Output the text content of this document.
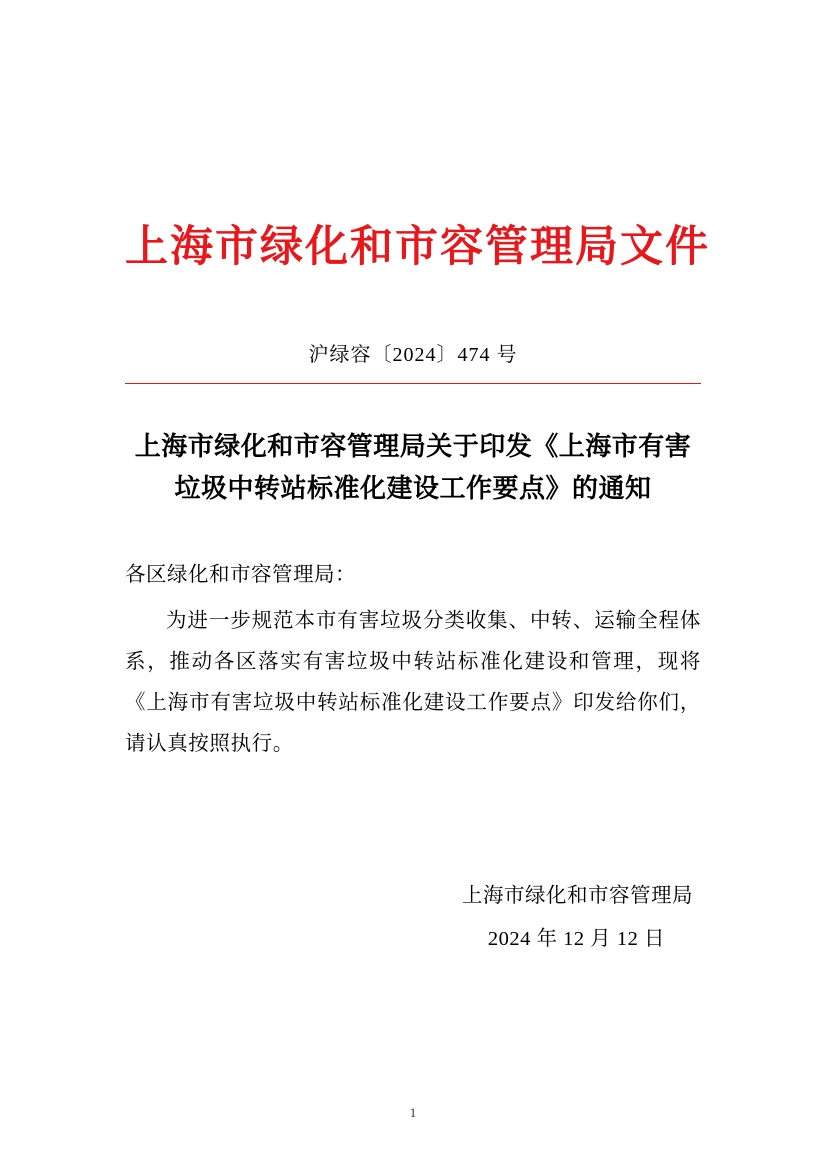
上海市绿化和市容管理局文件
沪绿容〔2024〕474 号
上海市绿化和市容管理局关于印发《上海市有害垃圾中转站标准化建设工作要点》的通知
各区绿化和市容管理局：

为进一步规范本市有害垃圾分类收集、中转、运输全程体系，推动各区落实有害垃圾中转站标准化建设和管理，现将《上海市有害垃圾中转站标准化建设工作要点》印发给你们，请认真按照执行。

上海市绿化和市容管理局
2024 年 12 月 12 日
1
